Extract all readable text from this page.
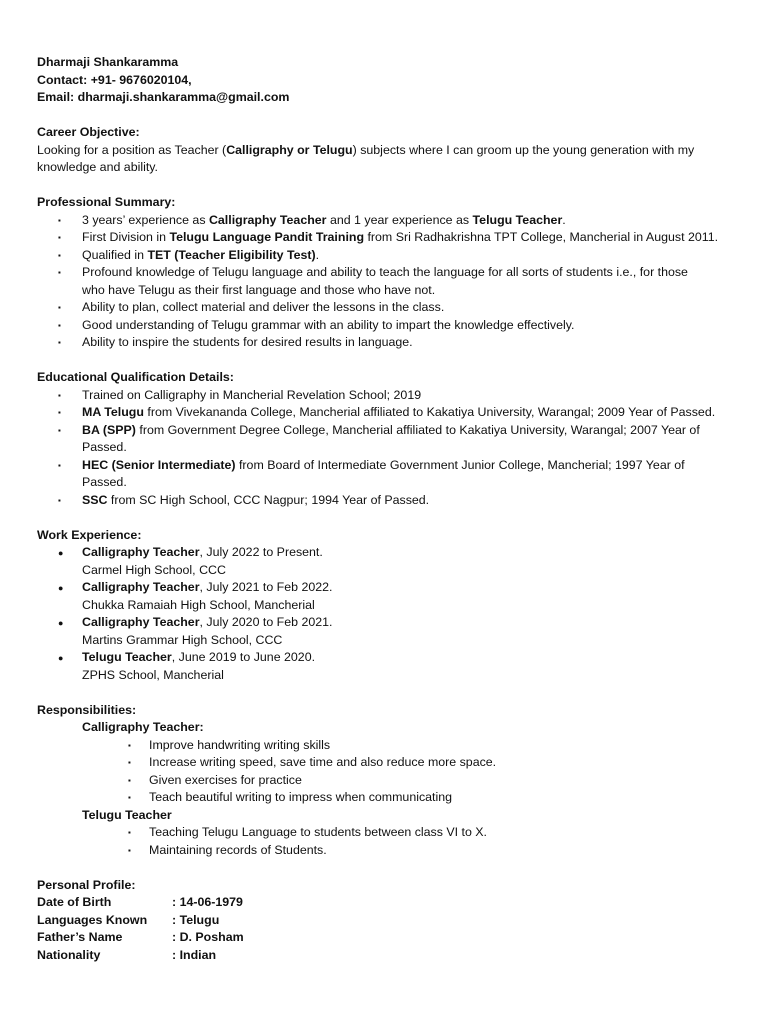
Dharmaji Shankaramma
Contact: +91- 9676020104,
Email: dharmaji.shankaramma@gmail.com
Career Objective:
Looking for a position as Teacher (Calligraphy or Telugu) subjects where I can groom up the young generation with my knowledge and ability.
Professional Summary:
▪ 3 years’ experience as Calligraphy Teacher and 1 year experience as Telugu Teacher.
▪ First Division in Telugu Language Pandit Training from Sri Radhakrishna TPT College, Mancherial in August 2011.
▪ Qualified in TET (Teacher Eligibility Test).
▪ Profound knowledge of Telugu language and ability to teach the language for all sorts of students i.e., for those who have Telugu as their first language and those who have not.
▪ Ability to plan, collect material and deliver the lessons in the class.
▪ Good understanding of Telugu grammar with an ability to impart the knowledge effectively.
▪ Ability to inspire the students for desired results in language.
Educational Qualification Details:
▪ Trained on Calligraphy in Mancherial Revelation School; 2019
▪ MA Telugu from Vivekananda College, Mancherial affiliated to Kakatiya University, Warangal; 2009 Year of Passed.
▪ BA (SPP) from Government Degree College, Mancherial affiliated to Kakatiya University, Warangal; 2007 Year of Passed.
▪ HEC (Senior Intermediate) from Board of Intermediate Government Junior College, Mancherial; 1997 Year of Passed.
▪ SSC from SC High School, CCC Nagpur; 1994 Year of Passed.
Work Experience:
● Calligraphy Teacher, July 2022 to Present.
Carmel High School, CCC
● Calligraphy Teacher, July 2021 to Feb 2022.
Chukka Ramaiah High School, Mancherial
● Calligraphy Teacher, July 2020 to Feb 2021.
Martins Grammar High School, CCC
● Telugu Teacher, June 2019 to June 2020.
ZPHS School, Mancherial
Responsibilities:
Calligraphy Teacher:
▪ Improve handwriting writing skills
▪ Increase writing speed, save time and also reduce more space.
▪ Given exercises for practice
▪ Teach beautiful writing to impress when communicating
Telugu Teacher
▪ Teaching Telugu Language to students between class VI to X.
▪ Maintaining records of Students.
Personal Profile:
Date of Birth	: 14-06-1979
Languages Known	: Telugu
Father’s Name	: D. Posham
Nationality	: Indian
